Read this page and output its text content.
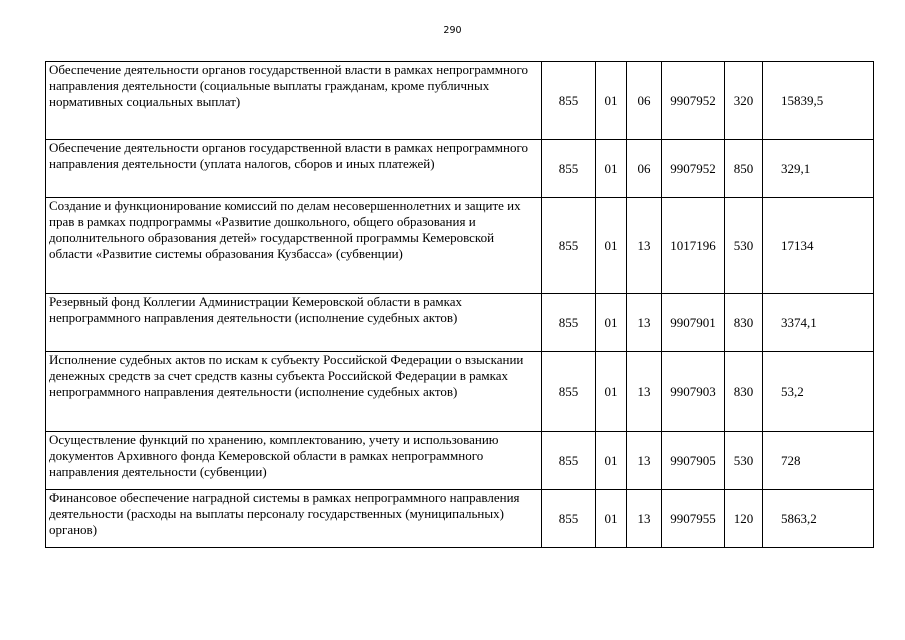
290
Обеспечение деятельности органов государственной власти в рамках непрограммного направления деятельности (социальные выплаты гражданам, кроме публичных нормативных социальных выплат)	855	01	06	9907952	320	15839,5
Обеспечение деятельности органов государственной власти в рамках непрограммного направления деятельности (уплата налогов, сборов и иных платежей)	855	01	06	9907952	850	329,1
Создание и функционирование комиссий по делам несовершеннолетних и защите их прав в рамках подпрограммы «Развитие дошкольного, общего образования и дополнительного образования детей» государственной программы Кемеровской области «Развитие системы образования Кузбасса» (субвенции)	855	01	13	1017196	530	17134
Резервный фонд Коллегии Администрации Кемеровской области в рамках непрограммного направления деятельности (исполнение судебных актов)	855	01	13	9907901	830	3374,1
Исполнение судебных актов по искам к субъекту Российской Федерации о взыскании денежных средств за счет средств казны субъекта Российской Федерации в рамках непрограммного направления деятельности (исполнение судебных актов)	855	01	13	9907903	830	53,2
Осуществление функций по хранению, комплектованию, учету и использованию документов Архивного фонда Кемеровской области в рамках непрограммного направления деятельности (субвенции)	855	01	13	9907905	530	728
Финансовое обеспечение наградной системы в рамках непрограммного направления деятельности (расходы на выплаты персоналу государственных (муниципальных) органов)	855	01	13	9907955	120	5863,2
